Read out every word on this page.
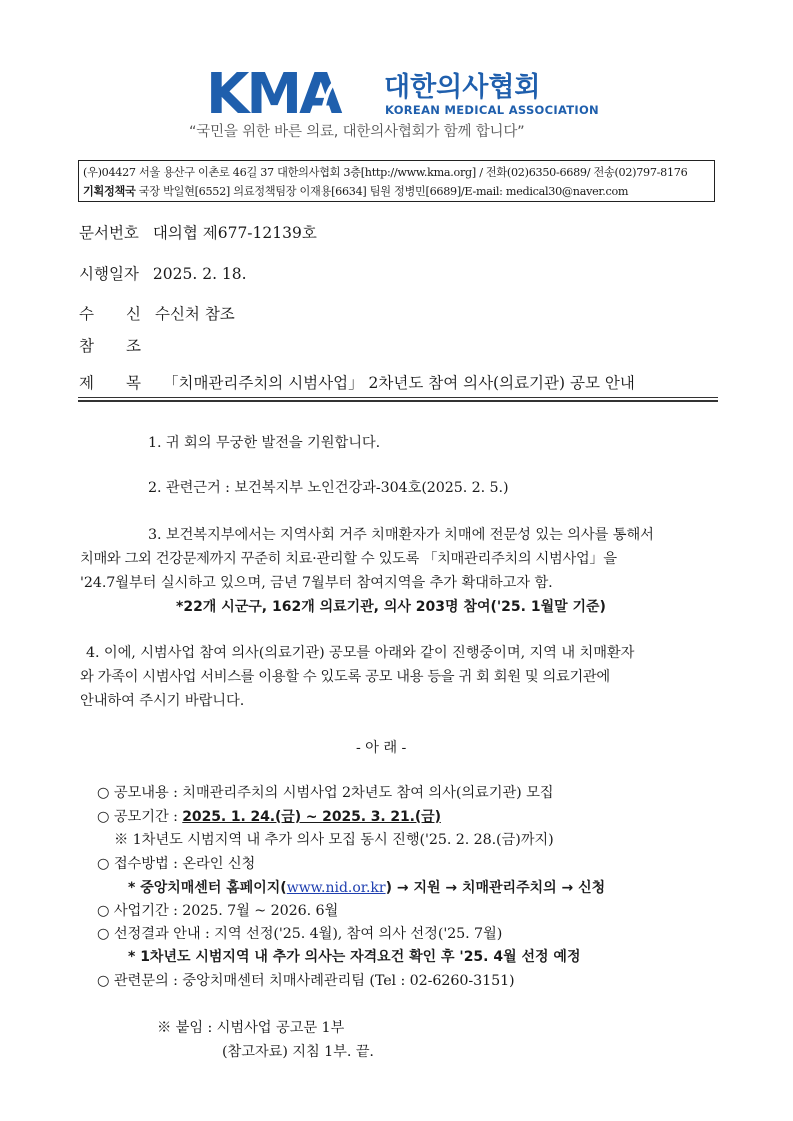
KMA 대한의사협회
KOREAN MEDICAL ASSOCIATION
“국민을 위한 바른 의료, 대한의사협회가 함께 합니다”
(우)04427 서울 용산구 이촌로 46길 37 대한의사협회 3층[http://www.kma.org] / 전화(02)6350-6689/ 전송(02)797-8176
기획정책국 국장 박일현[6552] 의료정책팀장 이재용[6634] 팀원 정병민[6689]/E-mail: medical30@naver.com
문서번호 대의협 제677-12139호
시행일자 2025. 2. 18.
수 신 수신처 참조
참 조
제 목 「치매관리주치의 시범사업」 2차년도 참여 의사(의료기관) 공모 안내
1. 귀 회의 무궁한 발전을 기원합니다.
2. 관련근거 : 보건복지부 노인건강과-304호(2025. 2. 5.)
3. 보건복지부에서는 지역사회 거주 치매환자가 치매에 전문성 있는 의사를 통해서
치매와 그외 건강문제까지 꾸준히 치료·관리할 수 있도록 「치매관리주치의 시범사업」을
'24.7월부터 실시하고 있으며, 금년 7월부터 참여지역을 추가 확대하고자 함.
*22개 시군구, 162개 의료기관, 의사 203명 참여('25. 1월말 기준)
4. 이에, 시범사업 참여 의사(의료기관) 공모를 아래와 같이 진행중이며, 지역 내 치매환자
와 가족이 시범사업 서비스를 이용할 수 있도록 공모 내용 등을 귀 회 회원 및 의료기관에
안내하여 주시기 바랍니다.
- 아 래 -
○ 공모내용 : 치매관리주치의 시범사업 2차년도 참여 의사(의료기관) 모집
○ 공모기간 : 2025. 1. 24.(금) ~ 2025. 3. 21.(금)
※ 1차년도 시범지역 내 추가 의사 모집 동시 진행('25. 2. 28.(금)까지)
○ 접수방법 : 온라인 신청
* 중앙치매센터 홈페이지(www.nid.or.kr) → 지원 → 치매관리주치의 → 신청
○ 사업기간 : 2025. 7월 ~ 2026. 6월
○ 선정결과 안내 : 지역 선정('25. 4월), 참여 의사 선정('25. 7월)
* 1차년도 시범지역 내 추가 의사는 자격요건 확인 후 '25. 4월 선정 예정
○ 관련문의 : 중앙치매센터 치매사례관리팀 (Tel : 02-6260-3151)
※ 붙임 : 시범사업 공고문 1부
(참고자료) 지침 1부. 끝.
